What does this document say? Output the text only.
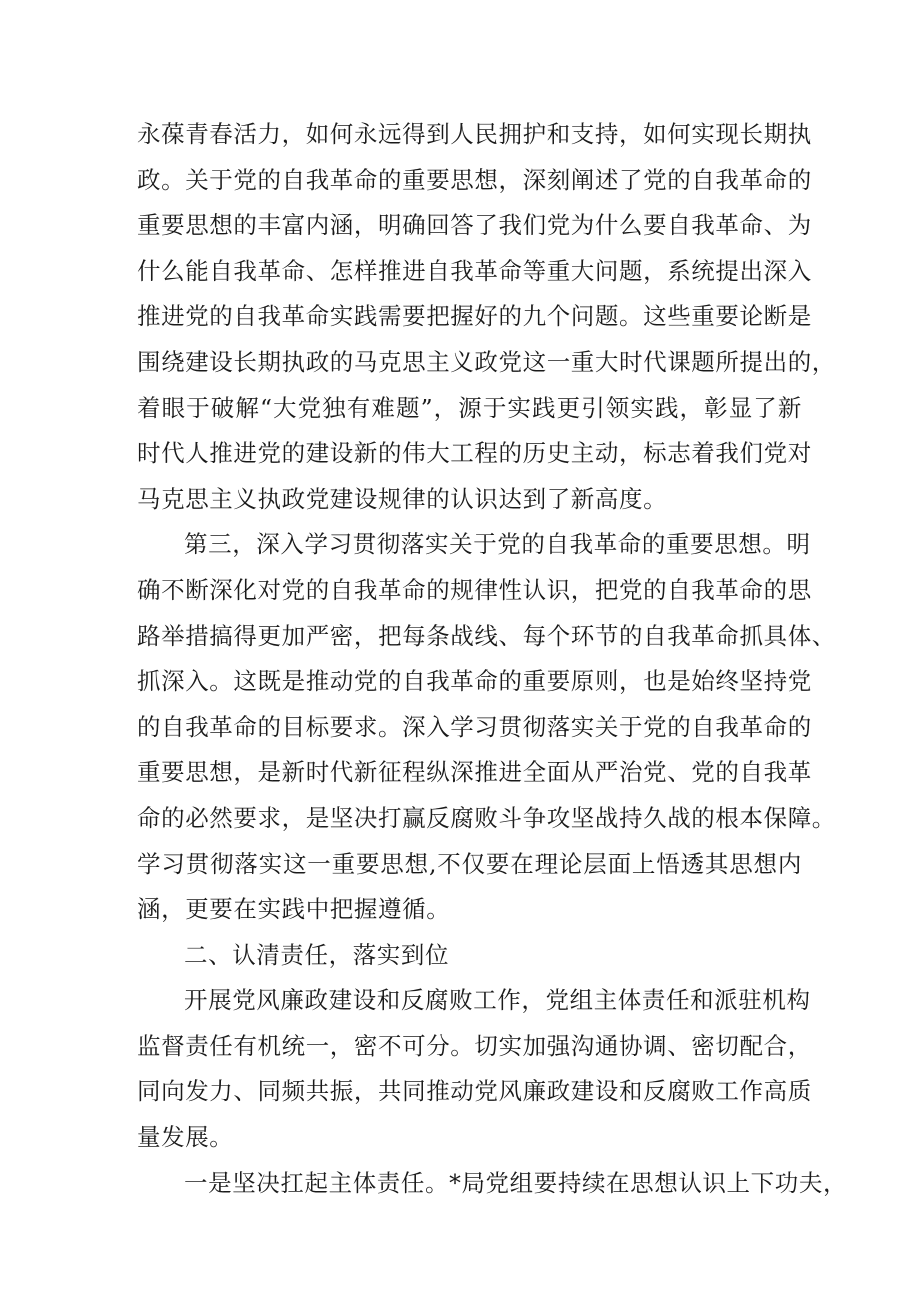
永葆青春活力，如何永远得到人民拥护和支持，如何实现长期执
政。关于党的自我革命的重要思想，深刻阐述了党的自我革命的
重要思想的丰富内涵，明确回答了我们党为什么要自我革命、为
什么能自我革命、怎样推进自我革命等重大问题，系统提出深入
推进党的自我革命实践需要把握好的九个问题。这些重要论断是
围绕建设长期执政的马克思主义政党这一重大时代课题所提出的，
着眼于破解“大党独有难题”，源于实践更引领实践，彰显了新
时代人推进党的建设新的伟大工程的历史主动，标志着我们党对
马克思主义执政党建设规律的认识达到了新高度。

第三，深入学习贯彻落实关于党的自我革命的重要思想。明
确不断深化对党的自我革命的规律性认识，把党的自我革命的思
路举措搞得更加严密，把每条战线、每个环节的自我革命抓具体、
抓深入。这既是推动党的自我革命的重要原则，也是始终坚持党
的自我革命的目标要求。深入学习贯彻落实关于党的自我革命的
重要思想，是新时代新征程纵深推进全面从严治党、党的自我革
命的必然要求，是坚决打赢反腐败斗争攻坚战持久战的根本保障。
学习贯彻落实这一重要思想,不仅要在理论层面上悟透其思想内
涵，更要在实践中把握遵循。

二、认清责任，落实到位

开展党风廉政建设和反腐败工作，党组主体责任和派驻机构
监督责任有机统一，密不可分。切实加强沟通协调、密切配合，
同向发力、同频共振，共同推动党风廉政建设和反腐败工作高质
量发展。

一是坚决扛起主体责任。*局党组要持续在思想认识上下功夫，
